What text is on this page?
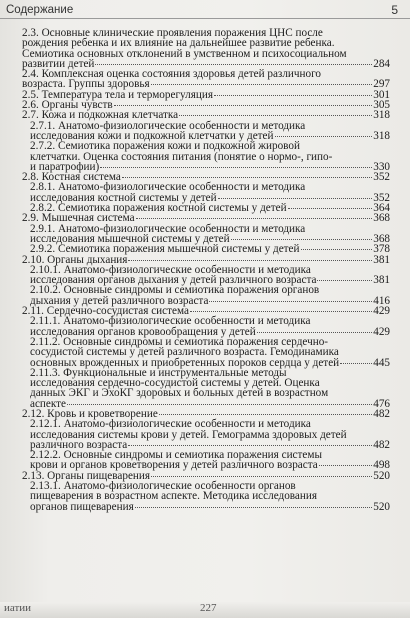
Содержание	5
2.3. Основные клинические проявления поражения ЦНС после
рождения ребенка и их влияние на дальнейшее развитие ребенка.
Семиотика основных отклонений в умственном и психосоциальном
развитии детей	284
2.4. Комплексная оценка состояния здоровья детей различного
возраста. Группы здоровья	297
2.5. Температура тела и терморегуляция	301
2.6. Органы чувств	305
2.7. Кожа и подкожная клетчатка	318
2.7.1. Анатомо-физиологические особенности и методика
исследования кожи и подкожной клетчатки у детей	318
2.7.2. Семиотика поражения кожи и подкожной жировой
клетчатки. Оценка состояния питания (понятие о нормо-, гипо-
и паратрофии)	330
2.8. Костная система	352
2.8.1. Анатомо-физиологические особенности и методика
исследования костной системы у детей	352
2.8.2. Семиотика поражения костной системы у детей	364
2.9. Мышечная система	368
2.9.1. Анатомо-физиологические особенности и методика
исследования мышечной системы у детей	368
2.9.2. Семиотика поражения мышечной системы у детей	378
2.10. Органы дыхания	381
2.10.1. Анатомо-физиологические особенности и методика
исследования органов дыхания у детей различного возраста	381
2.10.2. Основные синдромы и семиотика поражения органов
дыхания у детей различного возраста	416
2.11. Сердечно-сосудистая система	429
2.11.1. Анатомо-физиологические особенности и методика
исследования органов кровообращения у детей	429
2.11.2. Основные синдромы и семиотика поражения сердечно-
сосудистой системы у детей различного возраста. Гемодинамика
основных врожденных и приобретенных пороков сердца у детей	445
2.11.3. Функциональные и инструментальные методы
исследования сердечно-сосудистой системы у детей. Оценка
данных ЭКГ и ЭхоКГ здоровых и больных детей в возрастном
аспекте	476
2.12. Кровь и кроветворение	482
2.12.1. Анатомо-физиологические особенности и методика
исследования системы крови у детей. Гемограмма здоровых детей
различного возраста	482
2.12.2. Основные синдромы и семиотика поражения системы
крови и органов кроветворения у детей различного возраста	498
2.13. Органы пищеварения	520
2.13.1. Анатомо-физиологические особенности органов
пищеварения в возрастном аспекте. Методика исследования
органов пищеварения	520
иатии	227
